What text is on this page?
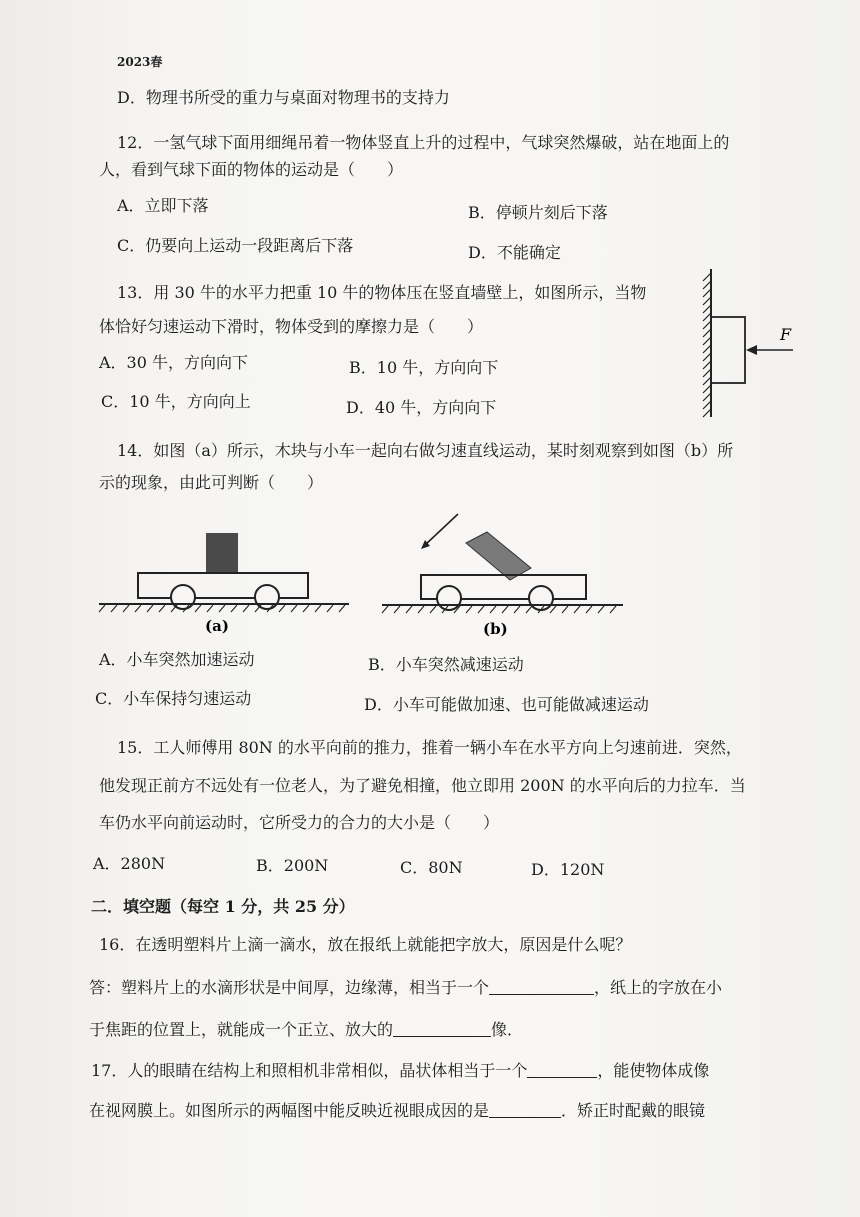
2023春
D．物理书所受的重力与桌面对物理书的支持力
12．一氢气球下面用细绳吊着一物体竖直上升的过程中，气球突然爆破，站在地面上的
人，看到气球下面的物体的运动是（　　）
A．立即下落	B．停顿片刻后下落
C．仍要向上运动一段距离后下落	D．不能确定
13．用 30 牛的水平力把重 10 牛的物体压在竖直墙壁上，如图所示，当物
体恰好匀速运动下滑时，物体受到的摩擦力是（　　）
A．30 牛，方向向下	B．10 牛，方向向下
C．10 牛，方向向上	D．40 牛，方向向下
F
14．如图（a）所示，木块与小车一起向右做匀速直线运动，某时刻观察到如图（b）所
示的现象，由此可判断（　　）
(a)	(b)
A．小车突然加速运动	B．小车突然减速运动
C．小车保持匀速运动	D．小车可能做加速、也可能做减速运动
15．工人师傅用 80N 的水平向前的推力，推着一辆小车在水平方向上匀速前进．突然，
他发现正前方不远处有一位老人，为了避免相撞，他立即用 200N 的水平向后的力拉车．当
车仍水平向前运动时，它所受力的合力的大小是（　　）
A．280N	B．200N	C．80N	D．120N
二．填空题（每空 1 分，共 25 分）
16．在透明塑料片上滴一滴水，放在报纸上就能把字放大，原因是什么呢？
答：塑料片上的水滴形状是中间厚，边缘薄，相当于一个	，纸上的字放在小
于焦距的位置上，就能成一个正立、放大的	像．
17．人的眼睛在结构上和照相机非常相似，晶状体相当于一个	，能使物体成像
在视网膜上。如图所示的两幅图中能反映近视眼成因的是	．矫正时配戴的眼镜
